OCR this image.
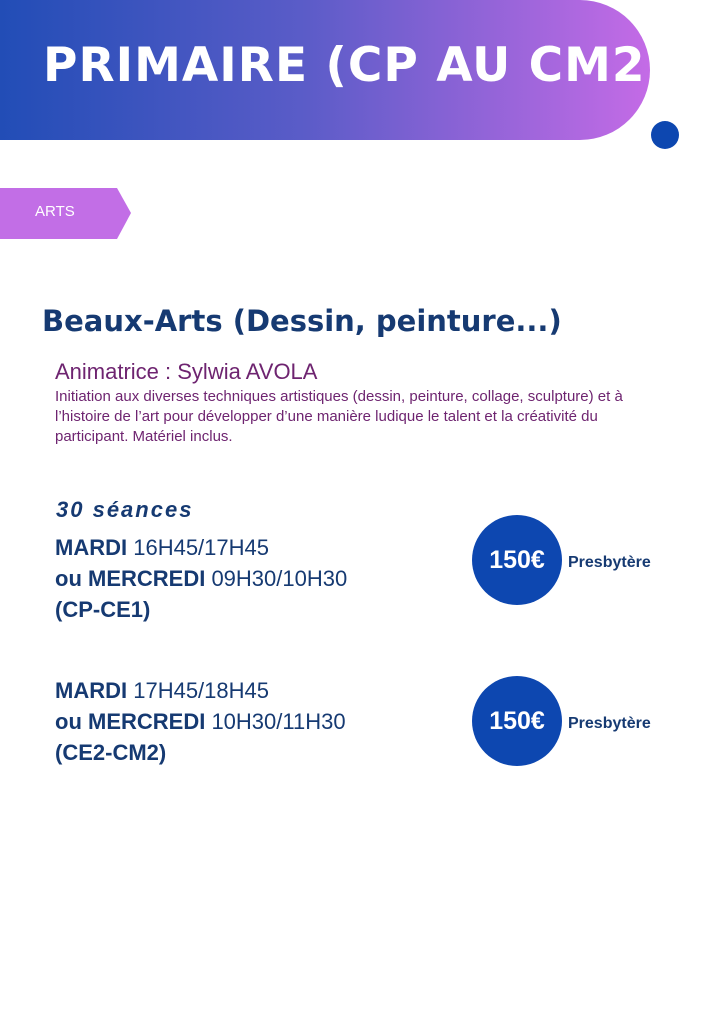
PRIMAIRE (CP AU CM2)
ARTS
Beaux-Arts (Dessin, peinture...)
Animatrice : Sylwia AVOLA
Initiation aux diverses techniques artistiques (dessin, peinture, collage, sculpture) et à l’histoire de l’art pour développer d’une manière ludique le talent et la créativité du participant. Matériel inclus.
30 séances
MARDI 16H45/17H45
ou MERCREDI 09H30/10H30
(CP-CE1)
150€	Presbytère
MARDI 17H45/18H45
ou MERCREDI 10H30/11H30
(CE2-CM2)
150€	Presbytère
